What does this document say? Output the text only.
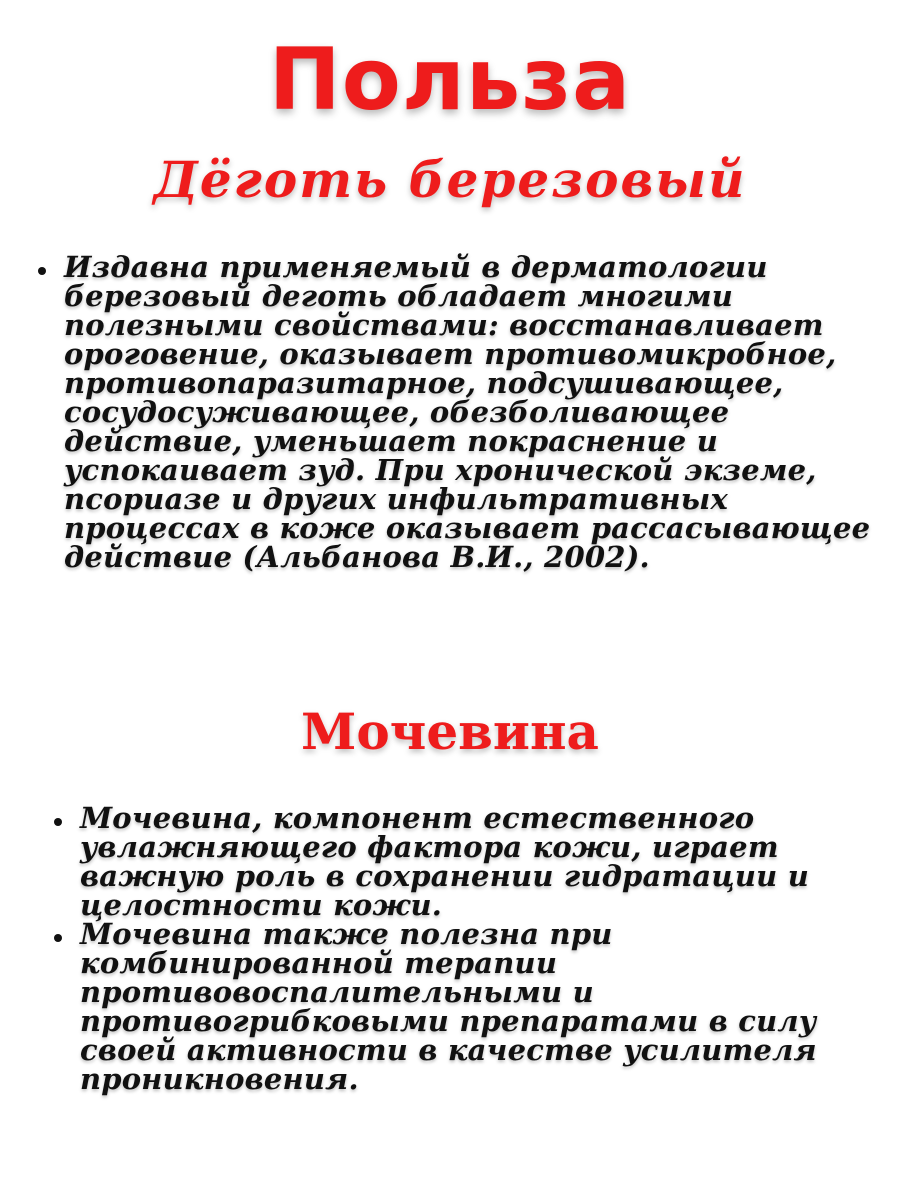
Польза
Дёготь березовый
Издавна применяемый в дерматологии березовый деготь обладает многими полезными свойствами: восстанавливает ороговение, оказывает противомикробное, противопаразитарное, подсушивающее, сосудосуживающее, обезболивающее действие, уменьшает покраснение и успокаивает зуд. При хронической экземе, псориазе и других инфильтративных процессах в коже оказывает рассасывающее действие (Альбанова В.И., 2002).
Мочевина
Мочевина, компонент естественного увлажняющего фактора кожи, играет важную роль в сохранении гидратации и целостности кожи.
Мочевина также полезна при комбинированной терапии противовоспалительными и противогрибковыми препаратами в силу своей активности в качестве усилителя проникновения.
